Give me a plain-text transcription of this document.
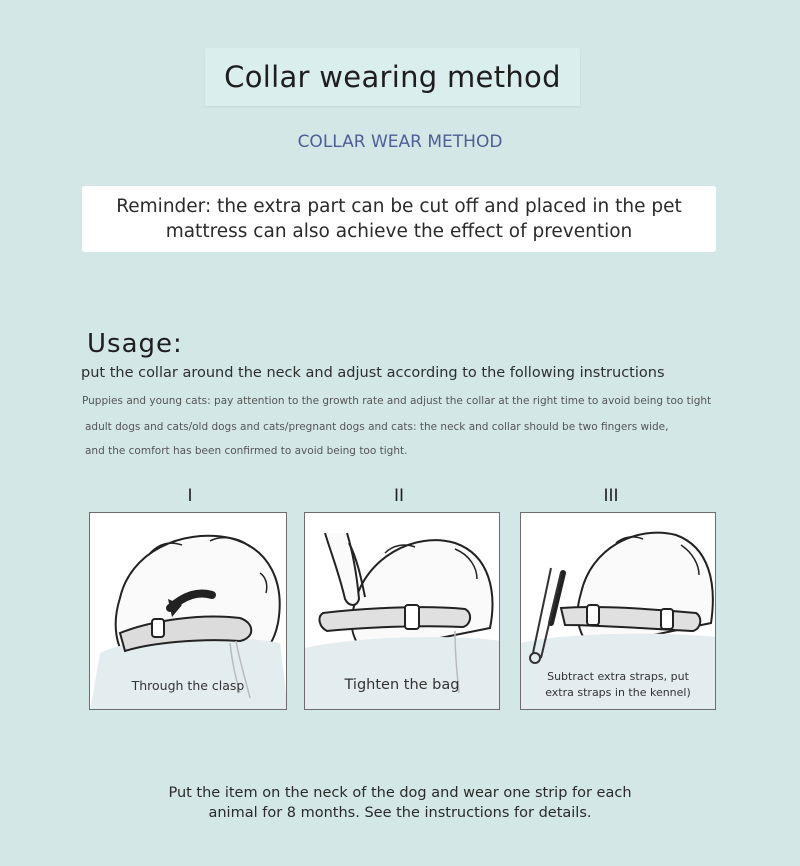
Collar wearing method
COLLAR WEAR METHOD
Reminder: the extra part can be cut off and placed in the pet
mattress can also achieve the effect of prevention
Usage:
put the collar around the neck and adjust according to the following instructions
Puppies and young cats: pay attention to the growth rate and adjust the collar at the right time to avoid being too tight
adult dogs and cats/old dogs and cats/pregnant dogs and cats: the neck and collar should be two fingers wide,
and the comfort has been confirmed to avoid being too tight.
I	II	III
Through the clasp	Tighten the bag
Subtract extra straps, put
extra straps in the kennel)
Put the item on the neck of the dog and wear one strip for each
animal for 8 months. See the instructions for details.
